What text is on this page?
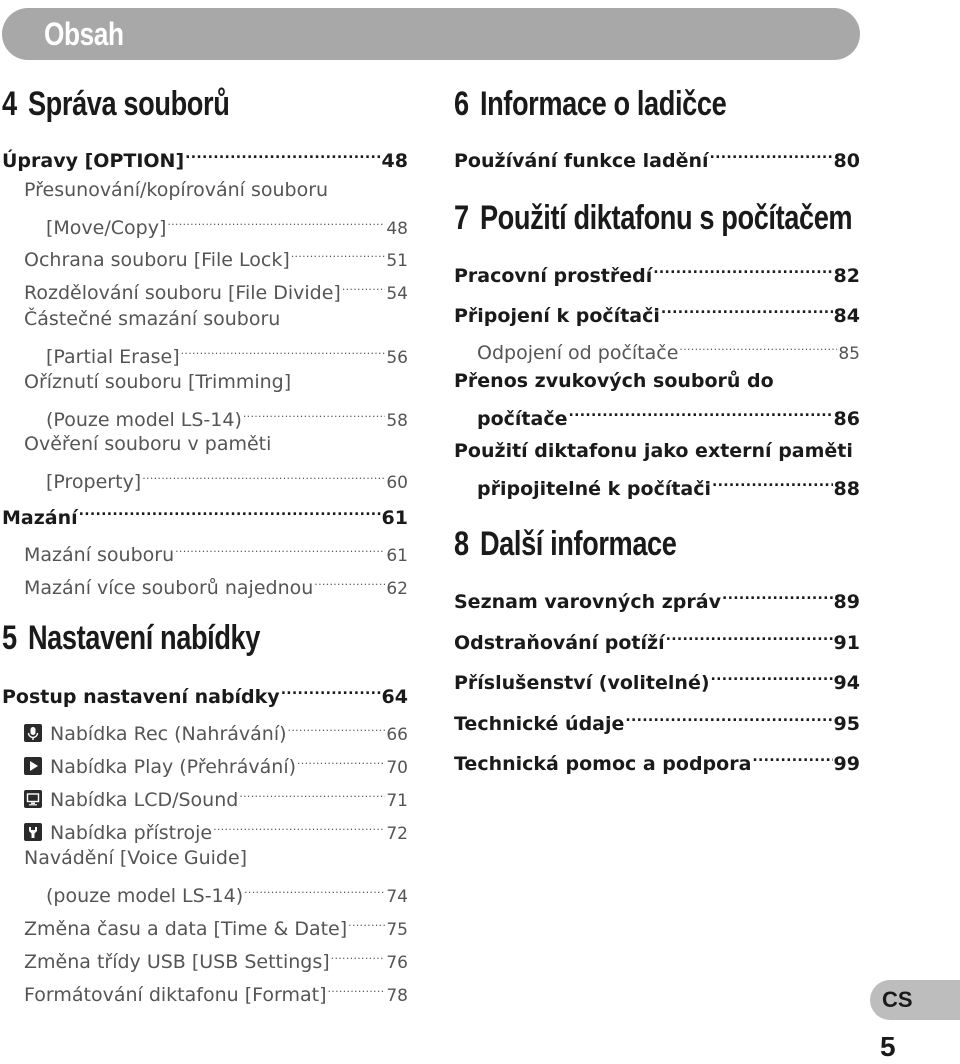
Obsah
4 Správa souborů
Úpravy [OPTION] .....	48
Přesunování/kopírování souboru
[Move/Copy] .....	48
Ochrana souboru [File Lock] .....	51
Rozdělování souboru [File Divide] .....	54
Částečné smazání souboru
[Partial Erase] .....	56
Oříznutí souboru [Trimming]
(Pouze model LS-14) .....	58
Ověření souboru v paměti
[Property] .....	60
Mazání .....	61
Mazání souboru .....	61
Mazání více souborů najednou .....	62
5 Nastavení nabídky
Postup nastavení nabídky .....	64
Nabídka Rec (Nahrávání) .....	66
Nabídka Play (Přehrávání) .....	70
Nabídka LCD/Sound .....	71
Nabídka přístroje .....	72
Navádění [Voice Guide]
(pouze model LS-14) .....	74
Změna času a data [Time & Date] ..... 75
Změna třídy USB [USB Settings] .....	76
Formátování diktafonu [Format] .....	78
6 Informace o ladičce
Používání funkce ladění .....	80
7 Použití diktafonu s počítačem
Pracovní prostředí .....	82
Připojení k počítači .....	84
Odpojení od počítače .....	85
Přenos zvukových souborů do
počítače .....	86
Použití diktafonu jako externí paměti
připojitelné k počítači .....	88
8 Další informace
Seznam varovných zpráv .....	89
Odstraňování potíží .....	91
Příslušenství (volitelné) .....	94
Technické údaje .....	95
Technická pomoc a podpora .....	99
CS
5
